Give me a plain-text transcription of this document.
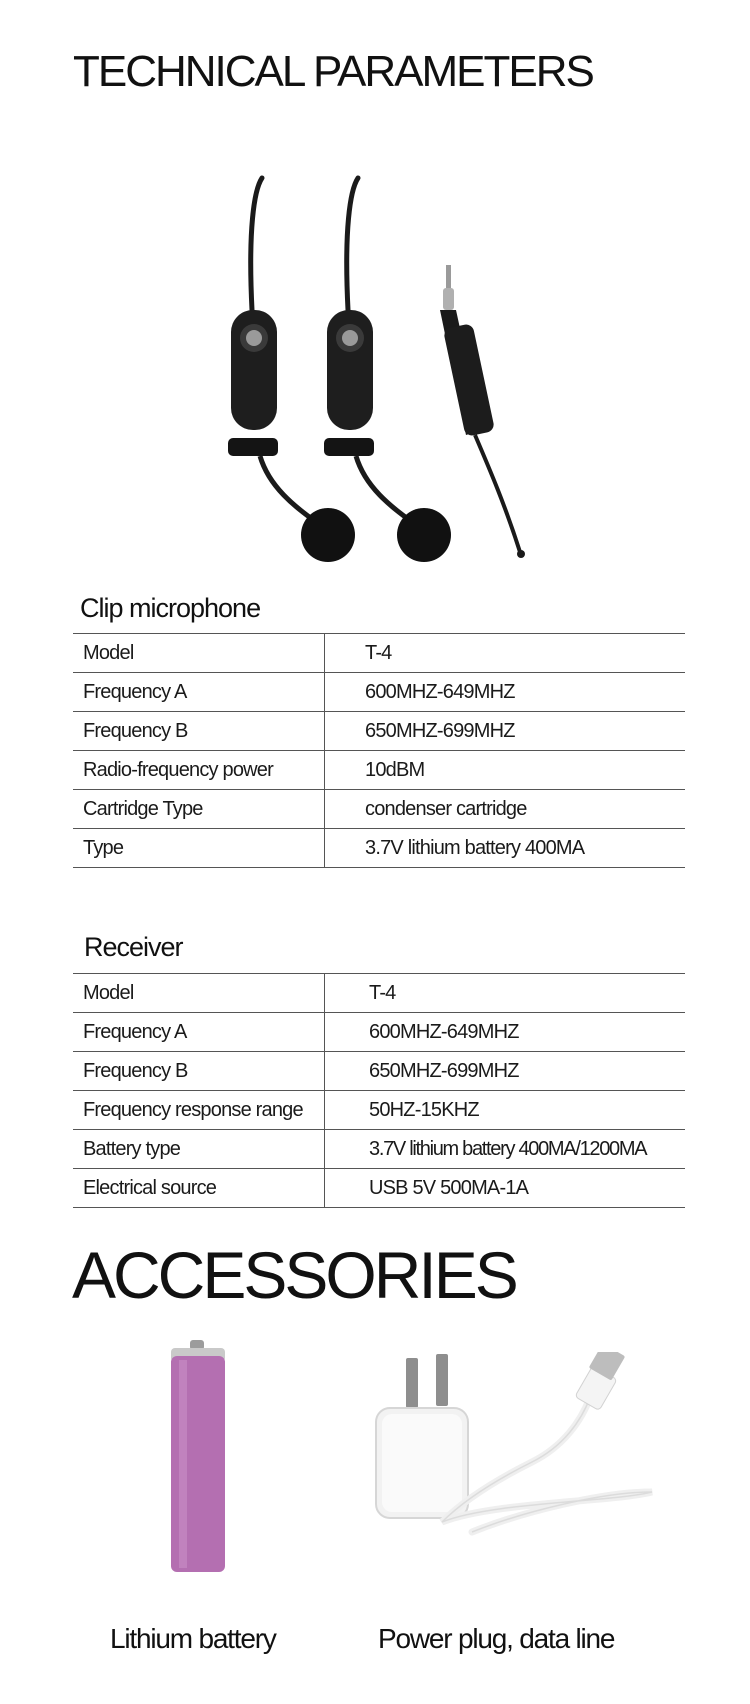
TECHNICAL PARAMETERS
Clip microphone
Model	T-4
Frequency A	600MHZ-649MHZ
Frequency B	650MHZ-699MHZ
Radio-frequency power	10dBM
Cartridge Type	condenser cartridge
Type	3.7V lithium battery 400MA
Receiver
Model	T-4
Frequency A	600MHZ-649MHZ
Frequency B	650MHZ-699MHZ
Frequency response range	50HZ-15KHZ
Battery type	3.7V lithium battery 400MA/1200MA
Electrical source	USB 5V 500MA-1A
ACCESSORIES
Lithium battery	Power plug, data line
